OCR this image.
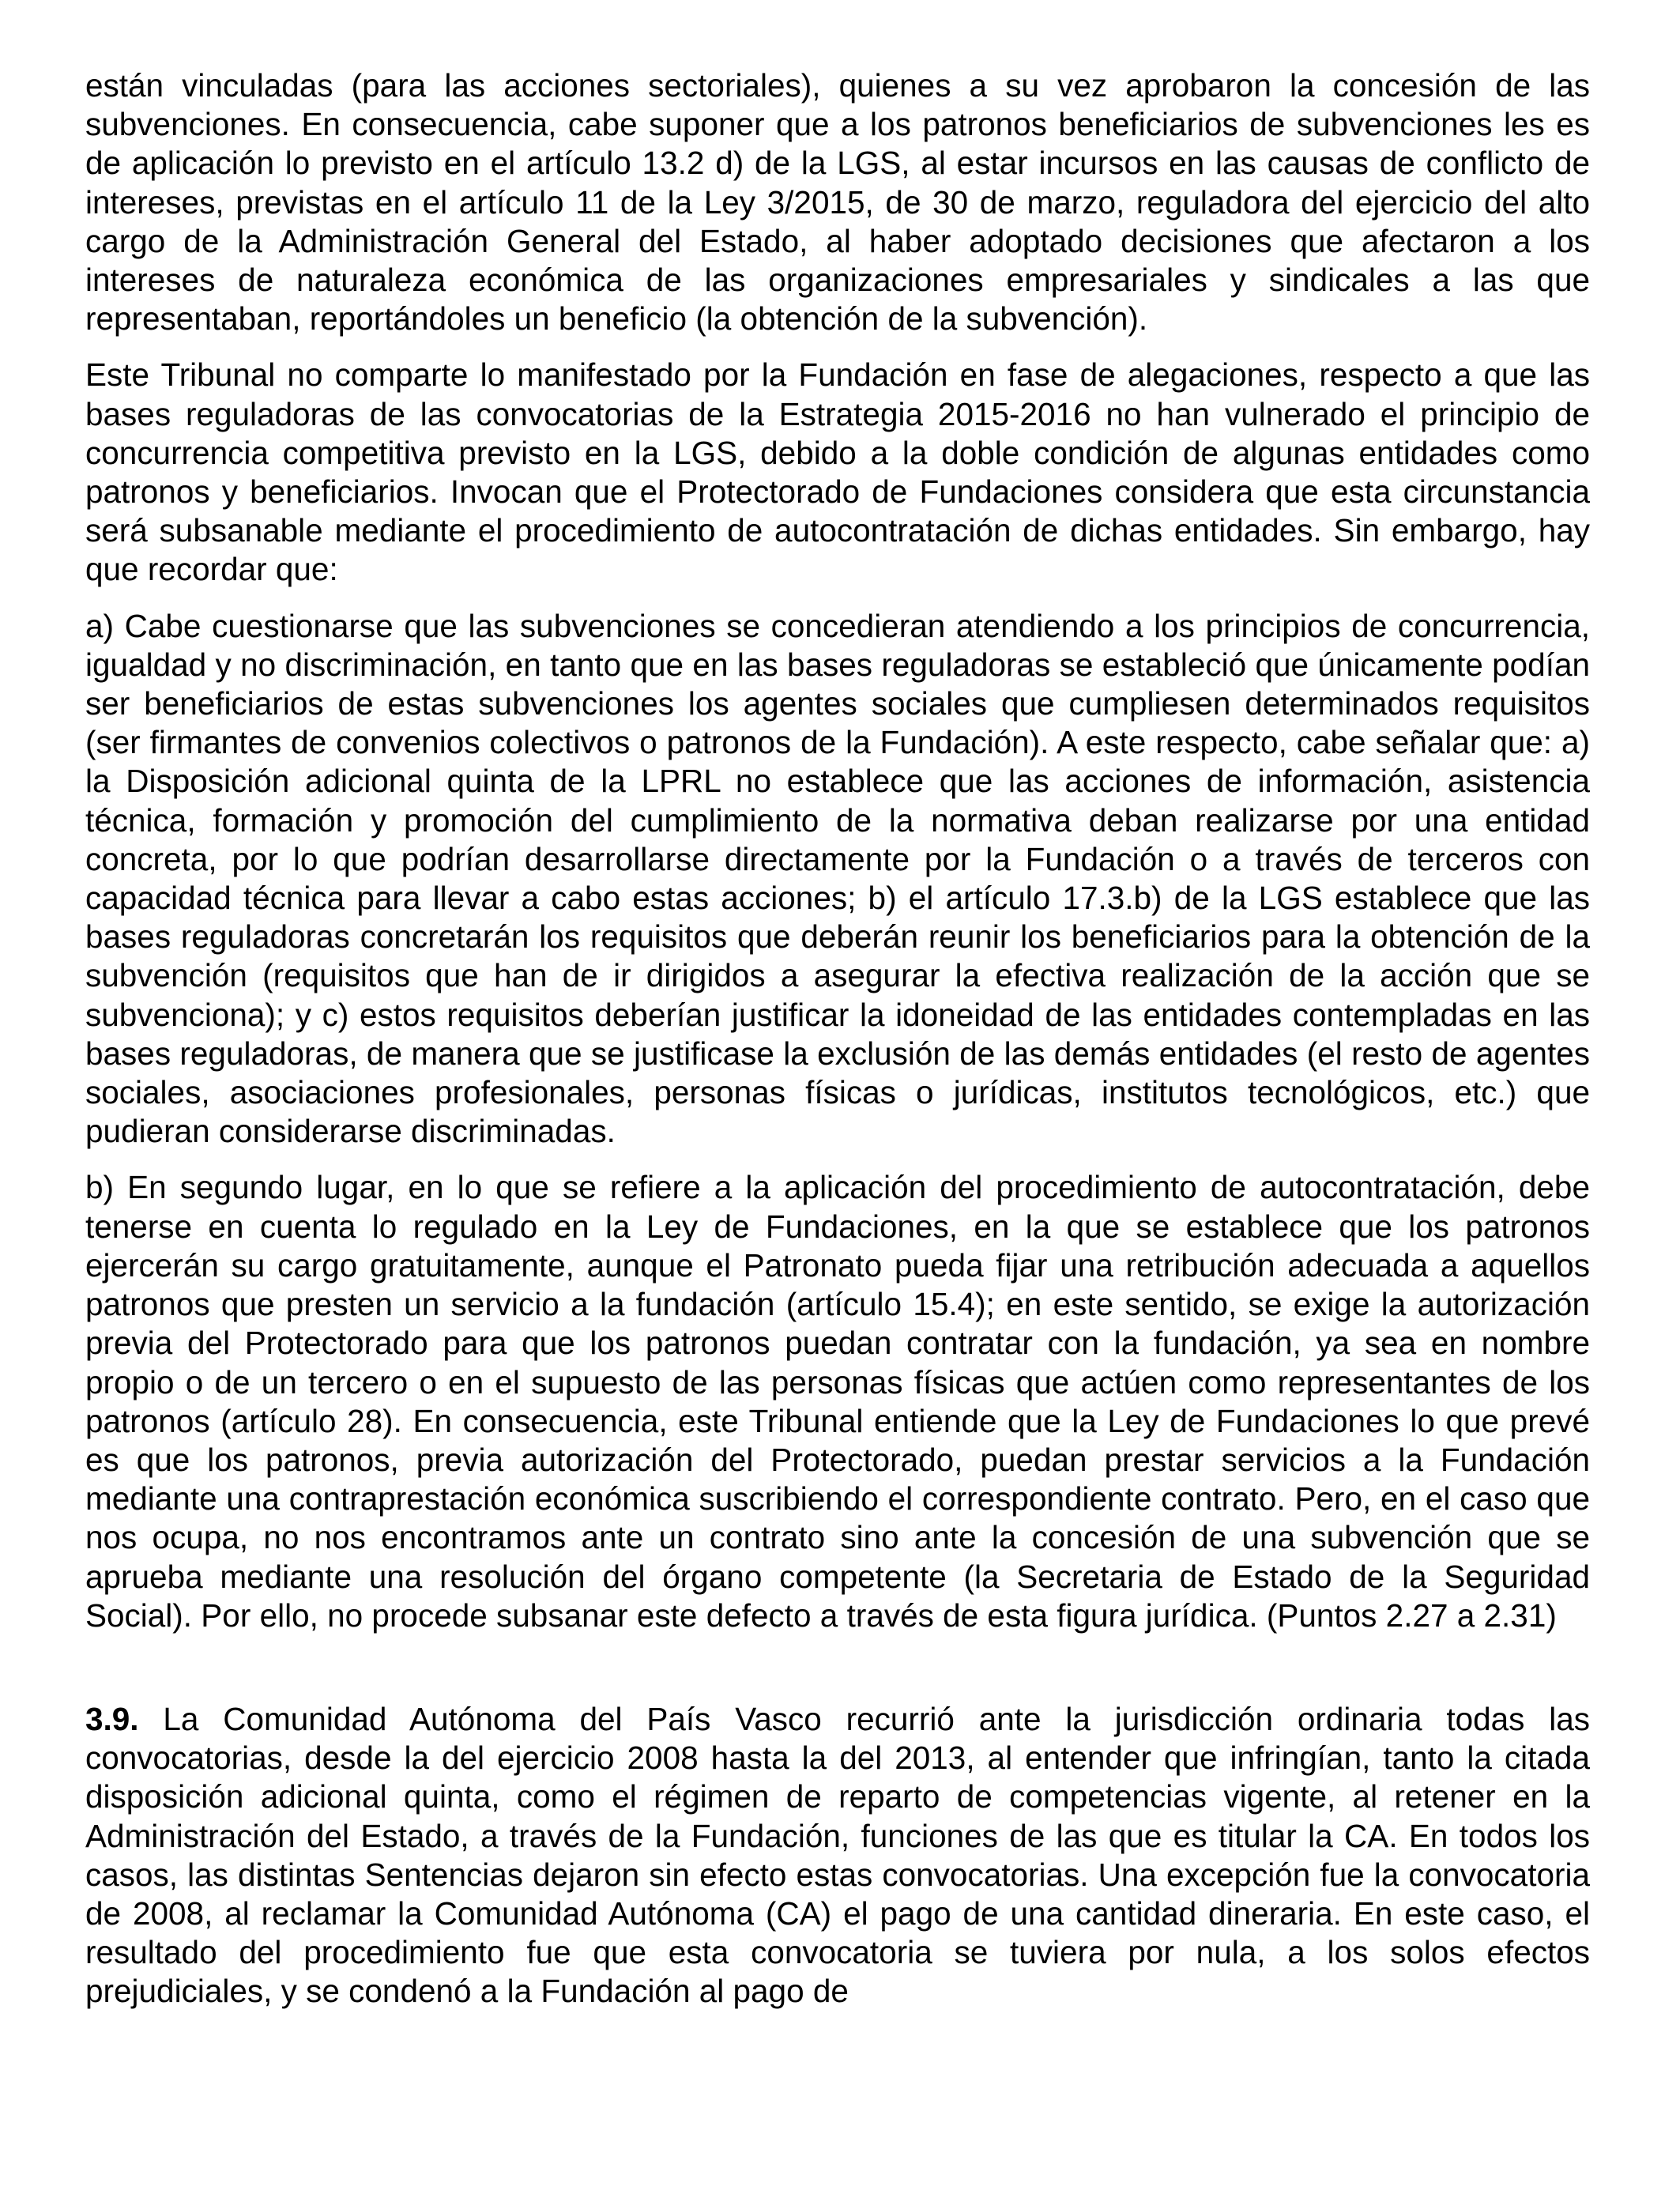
están vinculadas (para las acciones sectoriales), quienes a su vez aprobaron la concesión de las subvenciones. En consecuencia, cabe suponer que a los patronos beneficiarios de subvenciones les es de aplicación lo previsto en el artículo 13.2 d) de la LGS, al estar incursos en las causas de conflicto de intereses, previstas en el artículo 11 de la Ley 3/2015, de 30 de marzo, reguladora del ejercicio del alto cargo de la Administración General del Estado, al haber adoptado decisiones que afectaron a los intereses de naturaleza económica de las organizaciones empresariales y sindicales a las que representaban, reportándoles un beneficio (la obtención de la subvención).

Este Tribunal no comparte lo manifestado por la Fundación en fase de alegaciones, respecto a que las bases reguladoras de las convocatorias de la Estrategia 2015-2016 no han vulnerado el principio de concurrencia competitiva previsto en la LGS, debido a la doble condición de algunas entidades como patronos y beneficiarios. Invocan que el Protectorado de Fundaciones considera que esta circunstancia será subsanable mediante el procedimiento de autocontratación de dichas entidades. Sin embargo, hay que recordar que:

a) Cabe cuestionarse que las subvenciones se concedieran atendiendo a los principios de concurrencia, igualdad y no discriminación, en tanto que en las bases reguladoras se estableció que únicamente podían ser beneficiarios de estas subvenciones los agentes sociales que cumpliesen determinados requisitos (ser firmantes de convenios colectivos o patronos de la Fundación). A este respecto, cabe señalar que: a) la Disposición adicional quinta de la LPRL no establece que las acciones de información, asistencia técnica, formación y promoción del cumplimiento de la normativa deban realizarse por una entidad concreta, por lo que podrían desarrollarse directamente por la Fundación o a través de terceros con capacidad técnica para llevar a cabo estas acciones; b) el artículo 17.3.b) de la LGS establece que las bases reguladoras concretarán los requisitos que deberán reunir los beneficiarios para la obtención de la subvención (requisitos que han de ir dirigidos a asegurar la efectiva realización de la acción que se subvenciona); y c) estos requisitos deberían justificar la idoneidad de las entidades contempladas en las bases reguladoras, de manera que se justificase la exclusión de las demás entidades (el resto de agentes sociales, asociaciones profesionales, personas físicas o jurídicas, institutos tecnológicos, etc.) que pudieran considerarse discriminadas.

b) En segundo lugar, en lo que se refiere a la aplicación del procedimiento de autocontratación, debe tenerse en cuenta lo regulado en la Ley de Fundaciones, en la que se establece que los patronos ejercerán su cargo gratuitamente, aunque el Patronato pueda fijar una retribución adecuada a aquellos patronos que presten un servicio a la fundación (artículo 15.4); en este sentido, se exige la autorización previa del Protectorado para que los patronos puedan contratar con la fundación, ya sea en nombre propio o de un tercero o en el supuesto de las personas físicas que actúen como representantes de los patronos (artículo 28). En consecuencia, este Tribunal entiende que la Ley de Fundaciones lo que prevé es que los patronos, previa autorización del Protectorado, puedan prestar servicios a la Fundación mediante una contraprestación económica suscribiendo el correspondiente contrato. Pero, en el caso que nos ocupa, no nos encontramos ante un contrato sino ante la concesión de una subvención que se aprueba mediante una resolución del órgano competente (la Secretaria de Estado de la Seguridad Social). Por ello, no procede subsanar este defecto a través de esta figura jurídica. (Puntos 2.27 a 2.31)

3.9. La Comunidad Autónoma del País Vasco recurrió ante la jurisdicción ordinaria todas las convocatorias, desde la del ejercicio 2008 hasta la del 2013, al entender que infringían, tanto la citada disposición adicional quinta, como el régimen de reparto de competencias vigente, al retener en la Administración del Estado, a través de la Fundación, funciones de las que es titular la CA. En todos los casos, las distintas Sentencias dejaron sin efecto estas convocatorias. Una excepción fue la convocatoria de 2008, al reclamar la Comunidad Autónoma (CA) el pago de una cantidad dineraria. En este caso, el resultado del procedimiento fue que esta convocatoria se tuviera por nula, a los solos efectos prejudiciales, y se condenó a la Fundación al pago de
